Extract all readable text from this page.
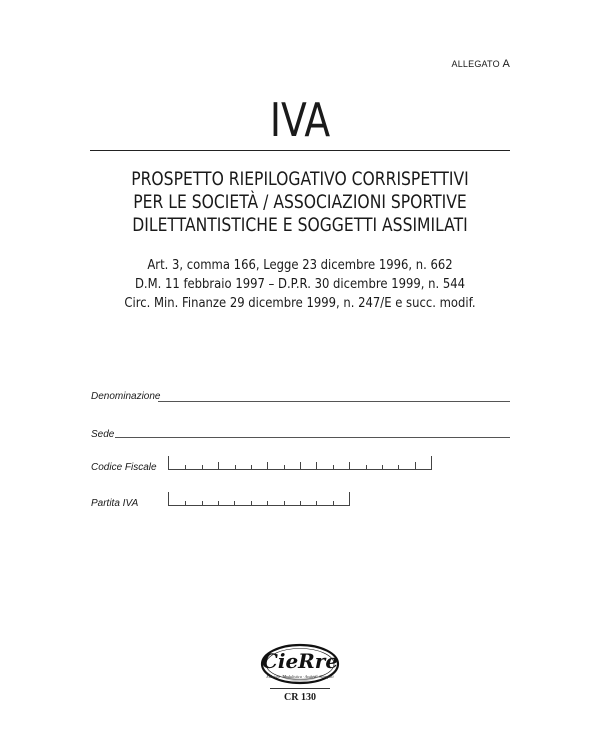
ALLEGATO A
IVA
PROSPETTO RIEPILOGATIVO CORRISPETTIVI
PER LE SOCIETÀ / ASSOCIAZIONI SPORTIVE
DILETTANTISTICHE E SOGGETTI ASSIMILATI
Art. 3, comma 166, Legge 23 dicembre 1996, n. 662
D.M. 11 febbraio 1997 – D.P.R. 30 dicembre 1999, n. 544
Circ. Min. Finanze 29 dicembre 1999, n. 247/E e succ. modif.
Denominazione
Sede
Codice Fiscale
Partita IVA
CieRre
Edizioni · Modulistica · Archivi · Stampati
CR 130
